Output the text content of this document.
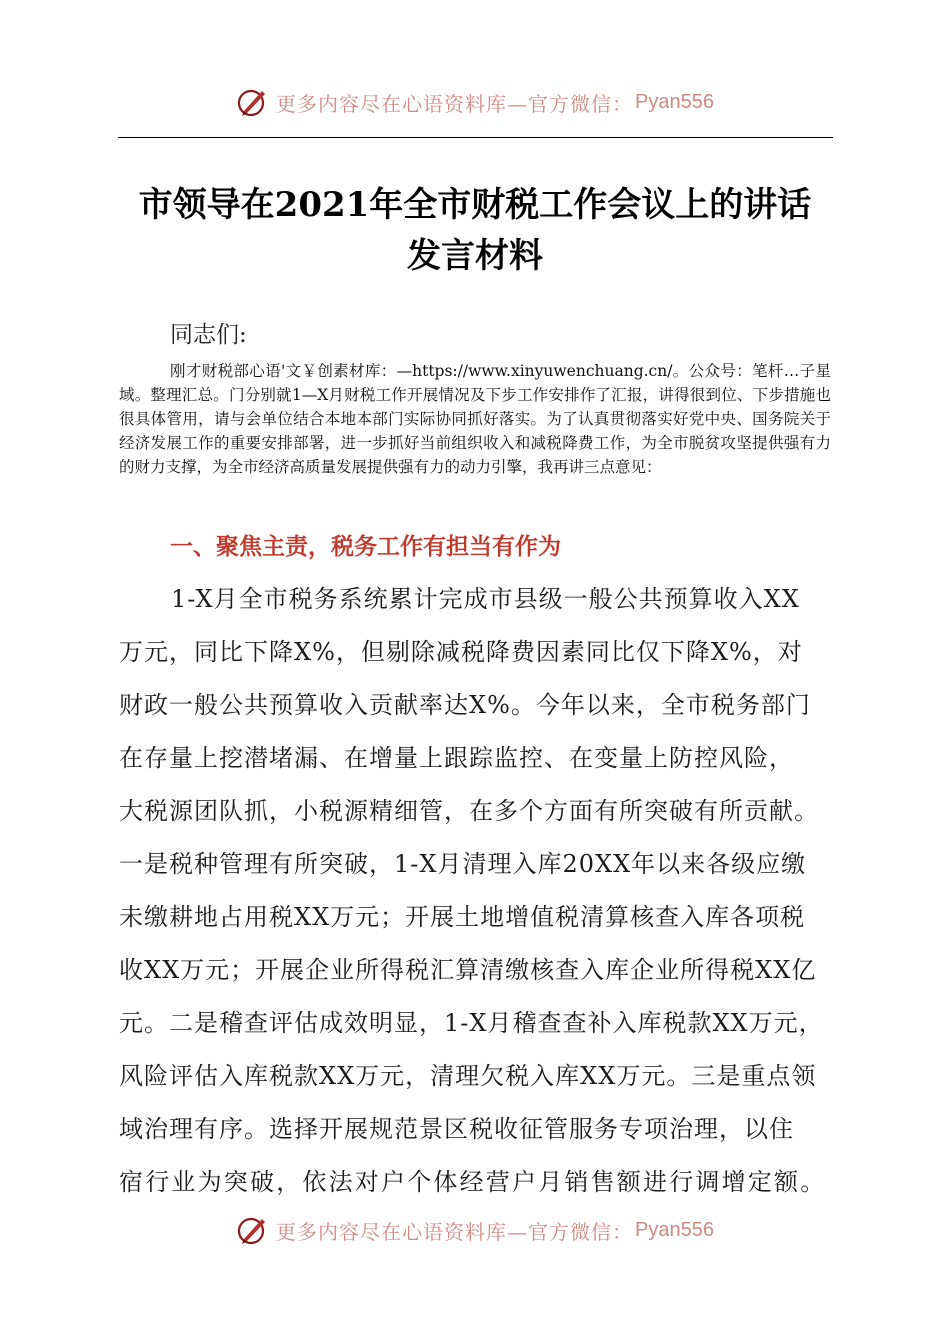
更多内容尽在心语资料库—官方微信： Pyan556
市领导在2021年全市财税工作会议上的讲话
发言材料
同志们:
刚才财税部心语'文￥创素材库：—https://www.xinyuwenchuang.cn/。公众号：笔杆…子星域。整理汇总。门分别就1—X月财税工作开展情况及下步工作安排作了汇报，讲得很到位、下步措施也很具体管用，请与会单位结合本地本部门实际协同抓好落实。为了认真贯彻落实好党中央、国务院关于经济发展工作的重要安排部署，进一步抓好当前组织收入和减税降费工作，为全市脱贫攻坚提供强有力的财力支撑，为全市经济高质量发展提供强有力的动力引擎，我再讲三点意见：
一、聚焦主责，税务工作有担当有作为
1-X月全市税务系统累计完成市县级一般公共预算收入XX
万元，同比下降X%，但剔除减税降费因素同比仅下降X%，对
财政一般公共预算收入贡献率达X%。今年以来，全市税务部门
在存量上挖潜堵漏、在增量上跟踪监控、在变量上防控风险，
大税源团队抓，小税源精细管，在多个方面有所突破有所贡献。
一是税种管理有所突破，1-X月清理入库20XX年以来各级应缴
未缴耕地占用税XX万元；开展土地增值税清算核查入库各项税
收XX万元；开展企业所得税汇算清缴核查入库企业所得税XX亿
元。二是稽查评估成效明显，1-X月稽查查补入库税款XX万元，
风险评估入库税款XX万元，清理欠税入库XX万元。三是重点领
域治理有序。选择开展规范景区税收征管服务专项治理，以住
宿行业为突破，依法对户个体经营户月销售额进行调增定额。
更多内容尽在心语资料库—官方微信： Pyan556
